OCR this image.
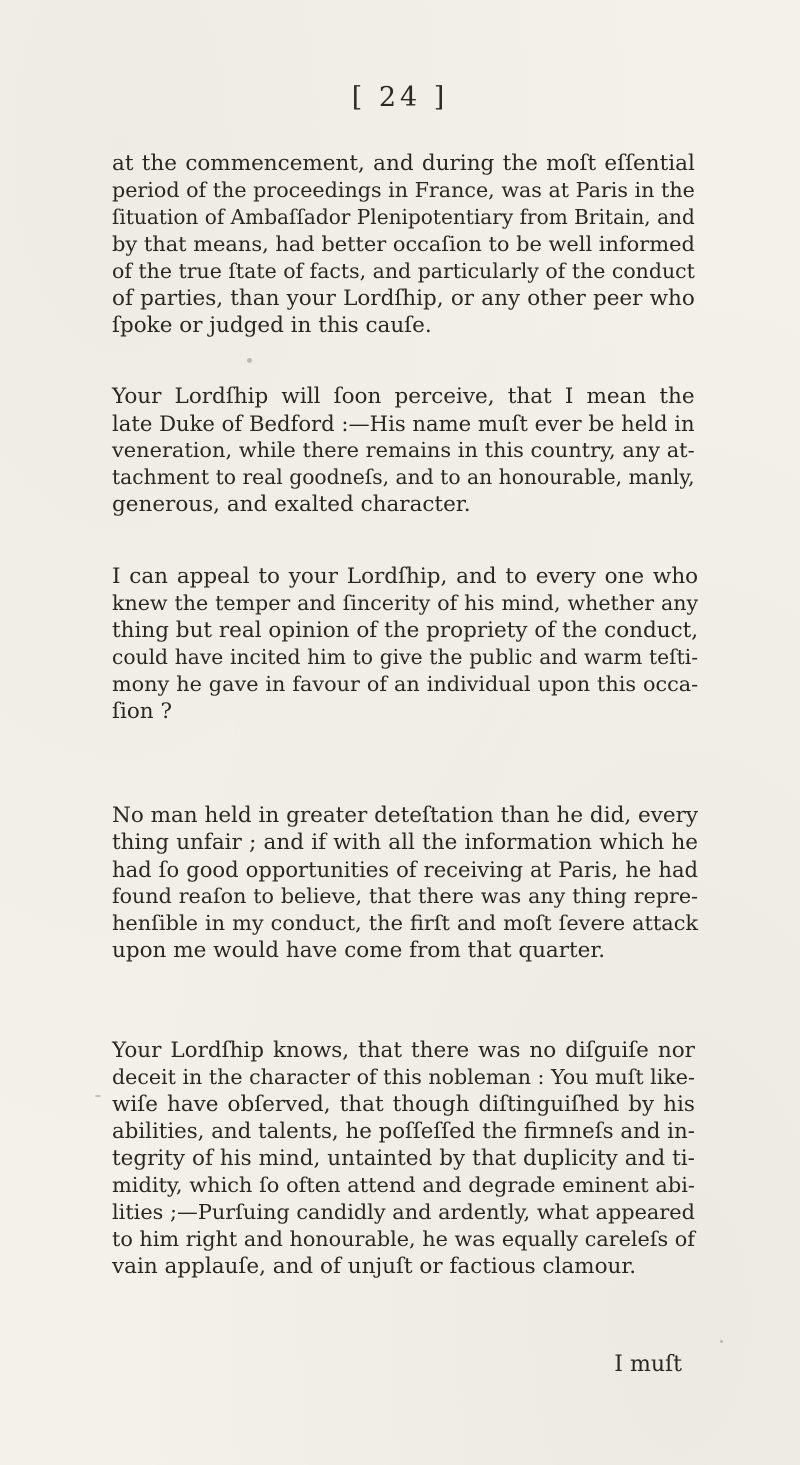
[ 24 ]

at the commencement, and during the moſt eſſential
period of the proceedings in France, was at Paris in the
ſituation of Ambaſſador Plenipotentiary from Britain, and
by that means, had better occaſion to be well informed
of the true ſtate of facts, and particularly of the conduct
of parties, than your Lordſhip, or any other peer who
ſpoke or judged in this cauſe.

Your Lordſhip will ſoon perceive, that I mean the
late Duke of Bedford :—His name muſt ever be held in
veneration, while there remains in this country, any at-
tachment to real goodneſs, and to an honourable, manly,
generous, and exalted character.

I can appeal to your Lordſhip, and to every one who
knew the temper and ſincerity of his mind, whether any
thing but real opinion of the propriety of the conduct,
could have incited him to give the public and warm teſti-
mony he gave in favour of an individual upon this occa-
ſion ?

No man held in greater deteſtation than he did, every
thing unfair ; and if with all the information which he
had ſo good opportunities of receiving at Paris, he had
found reaſon to believe, that there was any thing repre-
henſible in my conduct, the firſt and moſt ſevere attack
upon me would have come from that quarter.

Your Lordſhip knows, that there was no diſguiſe nor
deceit in the character of this nobleman : You muſt like-
wiſe have obſerved, that though diſtinguiſhed by his
abilities, and talents, he poſſeſſed the firmneſs and in-
tegrity of his mind, untainted by that duplicity and ti-
midity, which ſo often attend and degrade eminent abi-
lities ;—Purſuing candidly and ardently, what appeared
to him right and honourable, he was equally careleſs of
vain applauſe, and of unjuſt or factious clamour.

I muſt
